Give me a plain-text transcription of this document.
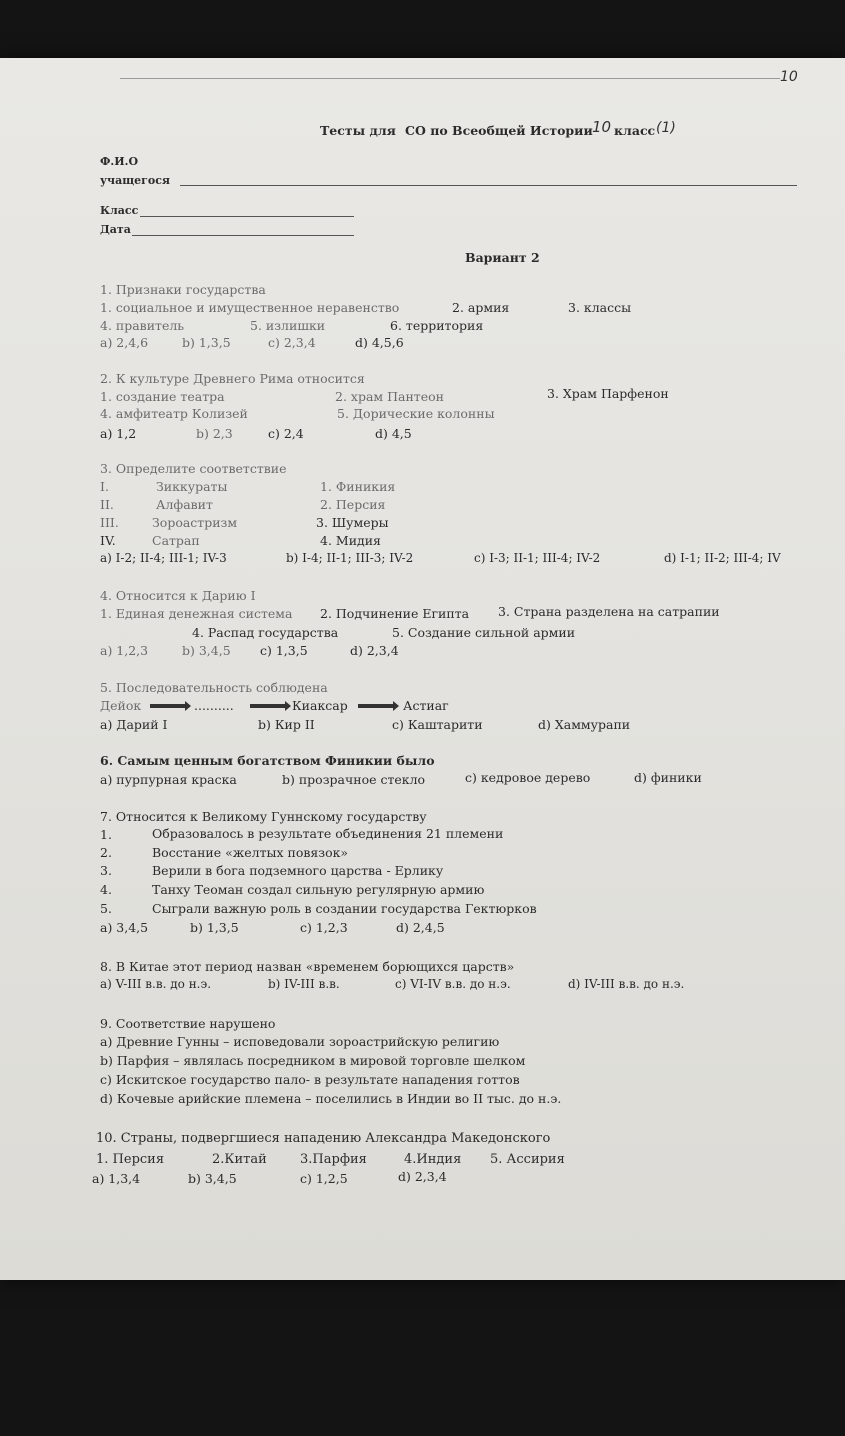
10
Тесты для СО по Всеобщей Истории 10 класс (1)
Ф.И.О
учащегося
Класс
Дата
Вариант 2
1. Признаки государства
1. социальное и имущественное неравенство	2. армия	3. классы
4. правитель	5. излишки	6. территория
a) 2,4,6	b) 1,3,5	c) 2,3,4	d) 4,5,6
2. К культуре Древнего Рима относится
1. создание театра	2. храм Пантеон	3. Храм Парфенон
4. амфитеатр Колизей	5. Дорические колонны
a) 1,2	b) 2,3	c) 2,4	d) 4,5
3. Определите соответствие
I.	Зиккураты	1. Финикия
II.	Алфавит	2. Персия
III.	Зороастризм	3. Шумеры
IV.	Сатрап	4. Мидия
a) I-2; II-4; III-1; IV-3	b) I-4; II-1; III-3; IV-2	c) I-3; II-1; III-4; IV-2	d) I-1; II-2; III-4; IV
4. Относится к Дарию I
1. Единая денежная система 2. Подчинение Египта 3. Страна разделена на сатрапии
4. Распад государства	5. Создание сильной армии
a) 1,2,3	b) 3,4,5 c) 1,3,5	d) 2,3,4
5. Последовательность соблюдена
Дейок	..........	Киаксар	Астиаг
a) Дарий I	b) Кир II	c) Каштарити	d) Хаммурапи
6. Самым ценным богатством Финикии было
a) пурпурная краска	b) прозрачное стекло	c) кедровое дерево	d) финики
7. Относится к Великому Гуннскому государству
1.	Образовалось в результате объединения 21 племени
2.	Восстание «желтых повязок»
3.	Верили в бога подземного царства - Ерлику
4.	Танху Теоман создал сильную регулярную армию
5.	Сыграли важную роль в создании государства Гектюрков
a) 3,4,5	b) 1,3,5	c) 1,2,3	d) 2,4,5
8. В Китае этот период назван «временем борющихся царств»
a) V-III в.в. до н.э.	b) IV-III в.в.	c) VI-IV в.в. до н.э.	d) IV-III в.в. до н.э.
9. Соответствие нарушено
a) Древние Гунны – исповедовали зороастрийскую религию
b) Парфия – являлась посредником в мировой торговле шелком
c) Искитское государство пало- в результате нападения готтов
d) Кочевые арийские племена – поселились в Индии во II тыс. до н.э.
10. Страны, подвергшиеся нападению Александра Македонского
1. Персия	2.Китай	3.Парфия	4.Индия 5. Ассирия
a) 1,3,4	b) 3,4,5	c) 1,2,5	d) 2,3,4
